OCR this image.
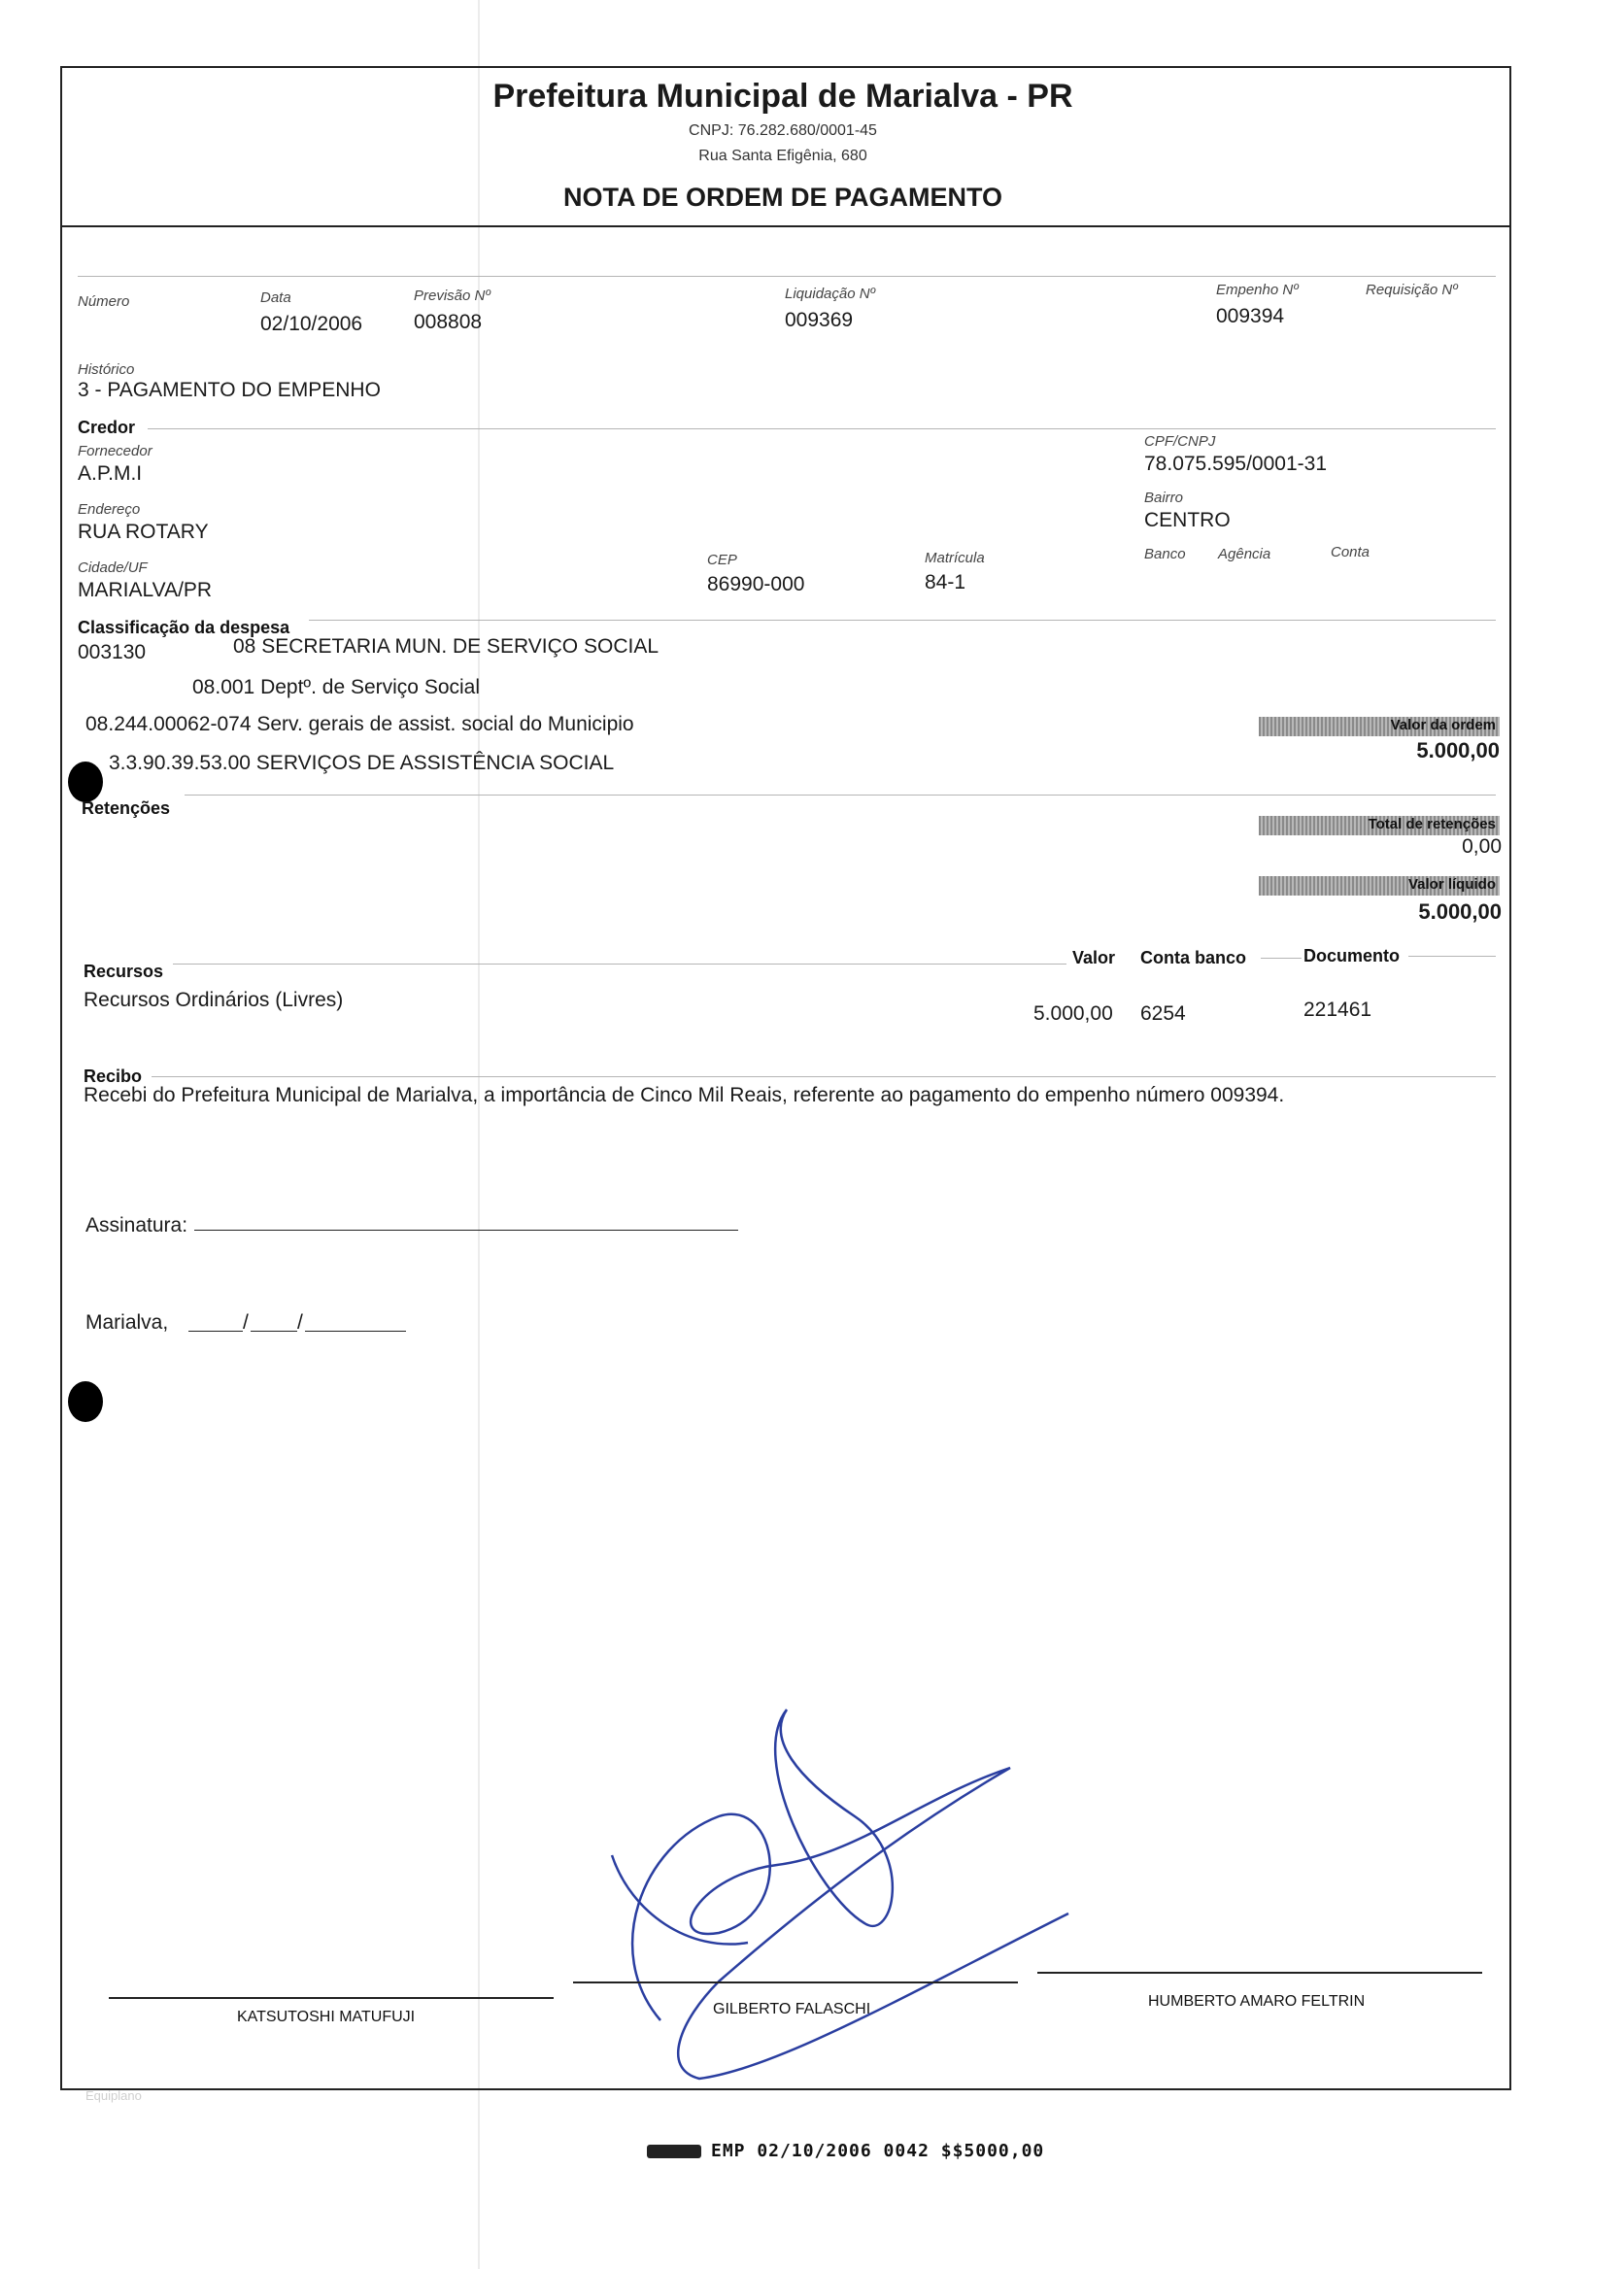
Prefeitura Municipal de Marialva - PR
CNPJ: 76.282.680/0001-45
Rua Santa Efigênia, 680
NOTA DE ORDEM DE PAGAMENTO
Número	Data
02/10/2006
Previsão Nº
008808
Liquidação Nº
009369
Empenho Nº
009394
Requisição Nº
Histórico
3 - PAGAMENTO DO EMPENHO
Credor
Fornecedor
A.P.M.I
Endereço
RUA ROTARY
Cidade/UF
MARIALVA/PR
CEP
86990-000
Matrícula
84-1
CPF/CNPJ
78.075.595/0001-31
Bairro
CENTRO
Banco Agência	Conta
Classificação da despesa
003130	08 SECRETARIA MUN. DE SERVIÇO SOCIAL
08.001 Deptº. de Serviço Social
08.244.00062-074 Serv. gerais de assist. social do Municipio
3.3.90.39.53.00 SERVIÇOS DE ASSISTÊNCIA SOCIAL
Valor da ordem
5.000,00
Retenções
Total de retenções
0,00
Valor líquido
5.000,00
Recursos
Valor Conta banco	Documento
Recursos Ordinários (Livres)
5.000,00 6254	221461
Recibo
Recebi do Prefeitura Municipal de Marialva, a importância de Cinco Mil Reais, referente ao pagamento do empenho número 009394.
Assinatura:
Marialva,	/ /
KATSUTOSHI MATUFUJI	GILBERTO FALASCHI	HUMBERTO AMARO FELTRIN
Equiplano
EMP 02/10/2006 0042 $$5000,00
